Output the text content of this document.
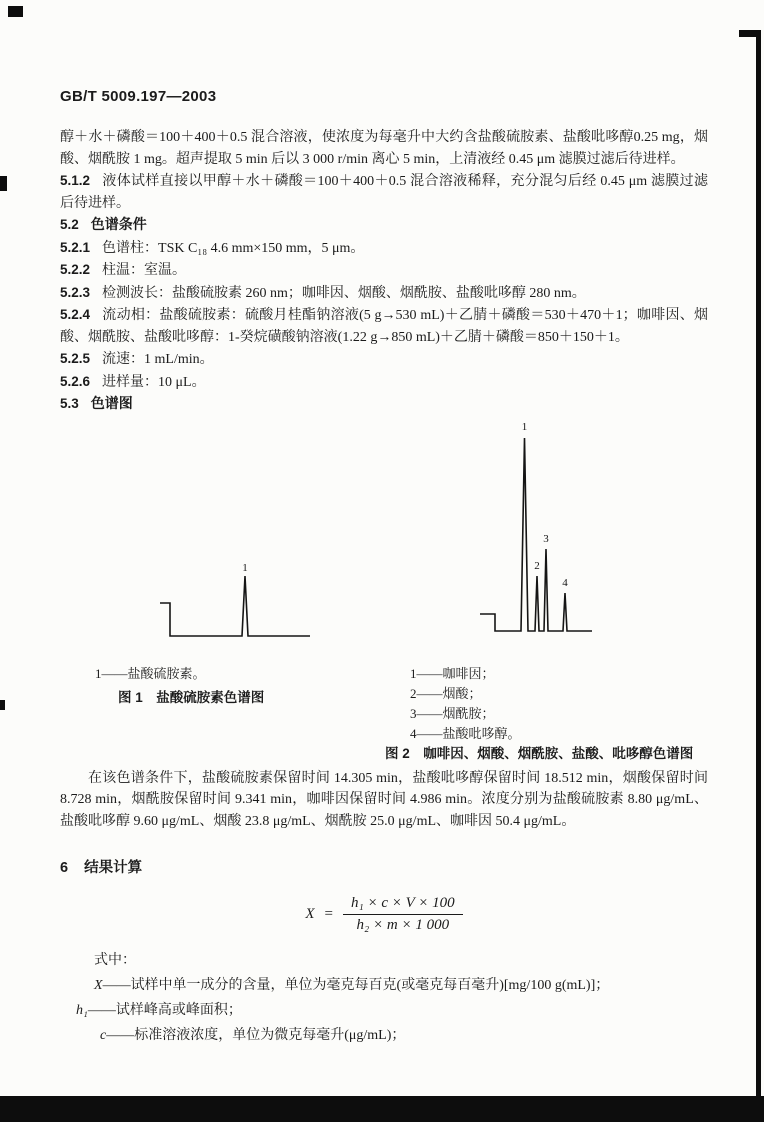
GB/T 5009.197—2003

醇＋水＋磷酸＝100＋400＋0.5 混合溶液，使浓度为每毫升中大约含盐酸硫胺素、盐酸吡哆醇0.25 mg，烟酸、烟酰胺 1 mg。超声提取 5 min 后以 3 000 r/min 离心 5 min，上清液经 0.45 μm 滤膜过滤后待进样。

5.1.2 液体试样直接以甲醇＋水＋磷酸＝100＋400＋0.5 混合溶液稀释，充分混匀后经 0.45 μm 滤膜过滤后待进样。

5.2 色谱条件

5.2.1 色谱柱：TSK C₁₈ 4.6 mm×150 mm，5 μm。

5.2.2 柱温：室温。

5.2.3 检测波长：盐酸硫胺素 260 nm；咖啡因、烟酸、烟酰胺、盐酸吡哆醇 280 nm。

5.2.4 流动相：盐酸硫胺素：硫酸月桂酯钠溶液(5 g→530 mL)＋乙腈＋磷酸＝530＋470＋1；咖啡因、烟酸、烟酰胺、盐酸吡哆醇：1-癸烷磺酸钠溶液(1.22 g→850 mL)＋乙腈＋磷酸＝850＋150＋1。

5.2.5 流速：1 mL/min。

5.2.6 进样量：10 μL。

5.3 色谱图

1
1
2
3
4
1——盐酸硫胺素。
图 1　盐酸硫胺素色谱图
1——咖啡因；
2——烟酸；
3——烟酰胺；
4——盐酸吡哆醇。
图 2　咖啡因、烟酸、烟酰胺、盐酸、吡哆醇色谱图

在该色谱条件下，盐酸硫胺素保留时间 14.305 min，盐酸吡哆醇保留时间 18.512 min，烟酸保留时间 8.728 min，烟酰胺保留时间 9.341 min，咖啡因保留时间 4.986 min。浓度分别为盐酸硫胺素 8.80 μg/mL、盐酸吡哆醇 9.60 μg/mL、烟酸 23.8 μg/mL、烟酰胺 25.0 μg/mL、咖啡因 50.4 μg/mL。

6 结果计算
$X = \frac{\text{h₁ × c × V × 100}}{\text{h₂ × m × 1 000}}$
式中：
X——试样中单一成分的含量，单位为毫克每百克(或毫克每百毫升)[mg/100 g(mL)]；
h₁——试样峰高或峰面积；
c——标准溶液浓度，单位为微克每毫升(μg/mL)；
